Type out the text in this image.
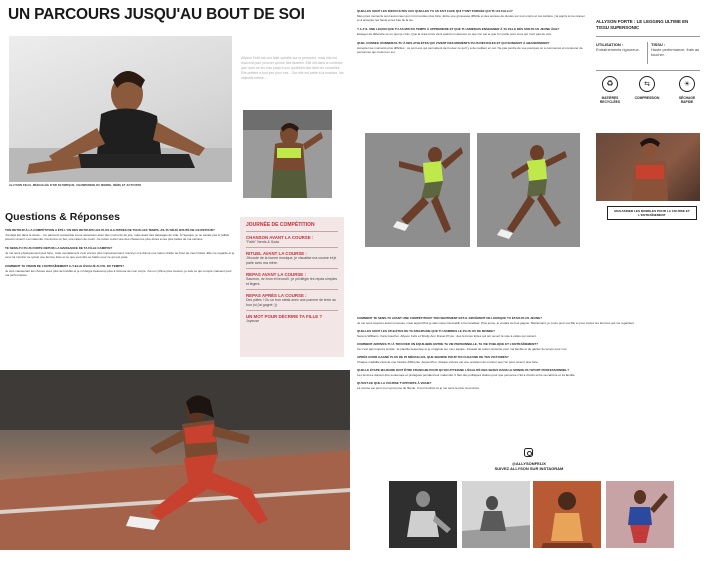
UN PARCOURS JUSQU'AU BOUT DE SOI
ALLYSON FELIX, MÉDAILLÉE D'OR OLYMPIQUE, CHAMPIONNE DU MONDE, MÈRE ET ACTIVISTE
Allyson Felix est une faite spécifie sur la personne, mais elle est d'accord pour prouver qu'une des illustres. Elle est dans le contexte que nous ne les vois jusqu'à son quotidien faut faire les nouvelles. Elle préfère à tout jour pour ses... Sur elle est prête à la moindre, les objectifs même...
Questions & Réponses
TON RETOUR À LA COMPÉTITION A ÉTÉ L'UN DES RETOURS LES PLUS ILLUSTRES DE TOUS LES TEMPS. AS-TU DÉJÀ DOUTÉ DE CE RETOUR?
J'ai déjà été dans le doute... Ce parcours ressemble à une ascension avec des moments de joie, mais aussi des passages de vide. À l'époque, je ne savais pas si j'allais pouvoir revenir. La maternité m'a donné un but, une raison de courir. Ce retour a été l'une des choses les plus dures et les plus belles de ma carrière.
TE SENS-TU PLUS FORTE DEPUIS LA NAISSANCE DE TA FILLE CAMRYN?
Je me sens physiquement plus forte, mais mentalement c'est encore plus impressionnant. Camryn m'a donné une raison d'aller au bout de mes limites. Elle me regarde et je veux lui montrer ce qu'est une femme forte et ce que veut dire se battre pour ce qui est juste.
COMMENT TA VISION DE L'ENTRAÎNEMENT A-T-ELLE ÉVOLUÉ AU FIL DU TEMPS?
Je suis maintenant les choses avec plus de lucidité et je m'intègre beaucoup plus à l'écoute de mon corps. J'ai un rythme plus mesuré, je sais ce qui compte vraiment pour ma performance.
JOURNÉE DE COMPÉTITION
CHANSON AVANT LA COURSE :
"Faith" Nerds & Soda
RITUEL AVANT LA COURSE :
J'écoute de la bonne musique, je visualise ma course et je parle avec ma mère.
REPAS AVANT LA COURSE :
Saumon, riz brun et brocolli ; je privilégie les repas simples et légers.
REPAS APRÈS LA COURSE :
Des pâtes ! Ou un bon steak avec une pomme de terre au four (si j'ai gagné ;))
UN MOT POUR DÉCRIRE TA FILLE ?
Joyeuse
QUELLES SONT LES DIFFICULTÉS AUX QUELLES TU AS FAIT FACE QUI T'ONT FORGÉE QUI TU AS FALLU?
Mes pires moments sont aussi ceux qui m'ont rendue plus forte. Entre une grossesse difficile et des années de doutes sur mon corps et ma carrière, j'ai appris à me relever et à accepter les hauts et les bas de la vie.
Y A-T-IL UNE LEÇON QUE TU AS MIS DU TEMPS À APPRENDRE ET QUE TU AIMERAIS ENSEIGNER À TA FILLE DÈS SON PLUS JEUNE ÂGE?
Essayer de défendre ce en quoi je crois. Que la vraie force vient quand on assume ce que l'on est et que l'on parle pour ceux qui n'ont pas de voix.
QUEL CONSEIL DONNERAS-TU À DES ATHLÈTES QUI VIVENT DES MOMENTS PLUS DIFFICILES ET QUI SONGENT À ABANDONNER?
Accepter les moments plus difficiles : ce sont eux qui permettent de trouver ce qu'il y a de meilleur en soi. Ne pas perdre de vue pourquoi on a commencé et s'entourer de personnes qui croient en soi.
ALLYSON FORTE : LE LEGGING ULTIME EN TISSU SUPERSONIC
UTILISATION :
Entraînements rigoureux.
TISSU :
Haute performance, frais au toucher.
♻
MATIÈRES RECYCLÉES
⇆
COMPRESSION
☀
SÉCHAGE RAPIDE
MAGASINER LES MODÈLES POUR LA COURSE ET L'ENTRAÎNEMENT
COMMENT TE SENS-TU AVANT UNE COMPÉTITION? TON SENTIMENT EST-IL DIFFÉRENT DE LORSQUE TU ÉTAIS PLUS JEUNE?
Je me sens toujours aussi nerveuse, mais aujourd'hui je sais mieux l'accueillir et la canaliser. Plus jeune, je voulais surtout gagner. Maintenant, je cours pour ma fille et pour toutes les femmes qui me regardent.
QUELLES SONT LES ATHLÈTES DE TA DISCIPLINE QUE TU ADMIRES LE PLUS OU DE MONDE?
Serena Williams, Kara Goucher, Allyson Felix et Shelly-Ann Fraser-Pryce : des femmes fortes qui ont ouvert la voie à celles qui suivent.
COMMENT ARRIVES-TU À TROUVER UN ÉQUILIBRE ENTRE TA VIE PERSONNELLE, TA VIE PUBLIQUE ET L'ENTRAÎNEMENT?
Ce n'est pas toujours simple. Je planifie beaucoup et je m'appuie sur mon équipe. J'essaie de rester présente pour ma famille et de garder du temps pour moi.
APRÈS AVOIR GAGNÉ PLUS DE 25 MÉDAILLES, QUE SIGNIFIE POUR TOI CHACUNE DE TES VICTOIRES?
Chaque médaille raconte une histoire différente. Aujourd'hui, chaque victoire est une occasion de montrer que l'on peut revenir plus forte.
QUELLE ÉTAPE MAJEURE DOIT ÊTRE FRANCHIE POUR QU'ON ATTEIGNE L'ÉGALITÉ DES SEXES DANS LE MONDE DU SPORT PROFESSIONNEL?
Les femmes doivent être soutenues et protégées pendant leur maternité. Il faut des politiques claires pour que personne n'ait à choisir entre sa carrière et sa famille.
QU'EST-CE QUE LA COURSE T'APPORTE À VRAIE?
La course est pour moi synonyme de liberté. C'est l'endroit où je me sens le plus moi-même.
@ALLYSONFELIX
SUIVEZ ALLYSON SUR INSTAGRAM
